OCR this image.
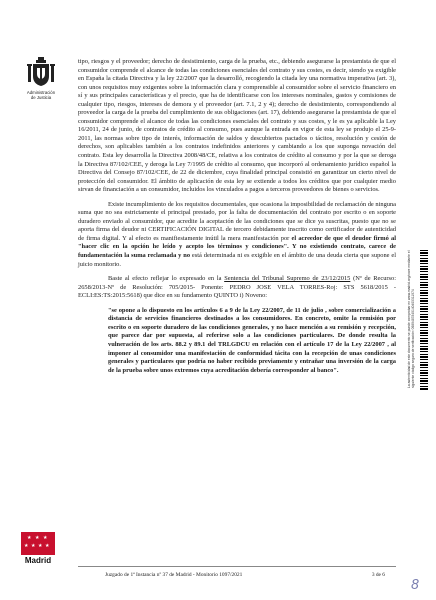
Administración
de Justicia

tipo, riesgos y el proveedor; derecho de desistimiento, carga de la prueba, etc., debiendo asegurarse la prestamista de que el consumidor comprende el alcance de todas las condiciones esenciales del contrato y sus costes, es decir, siendo ya exigible en España la citada Directiva y la ley 22/2007 que la desarrolló, recogiendo la citada ley una normativa imperativa (art. 3), con unos requisitos muy exigentes sobre la información clara y comprensible al consumidor sobre el servicio financiero en sí y sus principales características y el precio, que ha de identificarse con los intereses nominales, gastos y comisiones de cualquier tipo, riesgos, intereses de demora y el proveedor (art. 7.1, 2 y 4); derecho de desistimiento, correspondiendo al proveedor la carga de la prueba del cumplimiento de sus obligaciones (art. 17), debiendo asegurarse la prestamista de que el consumidor comprende el alcance de todas las condiciones esenciales del contrato y sus costes, y le es ya aplicable la Ley 16/2011, 24 de junio, de contratos de crédito al consumo, pues aunque la entrada en vigor de esta ley se produjo el 25-9-2011, las normas sobre tipo de interés, información de saldos y descubiertos pactados o tácitos, resolución y cesión de derechos, son aplicables también a los contratos indefinidos anteriores y cambiando a los que suponga novación del contrato. Esta ley desarrolla la Directiva 2008/48/CE, relativa a los contratos de crédito al consumo y por la que se deroga la Directiva 87/102/CEE, y deroga la Ley 7/1995 de crédito al consumo, que incorporó al ordenamiento jurídico español la Directiva del Consejo 87/102/CEE, de 22 de diciembre, cuya finalidad principal consistió en garantizar un cierto nivel de protección del consumidor. El ámbito de aplicación de esta ley se extiende a todos los créditos que por cualquier medio sirvan de financiación a un consumidor, incluidos los vinculados a pagos a terceros proveedores de bienes o servicios.

Existe incumplimiento de los requisitos documentales, que ocasiona la imposibilidad de reclamación de ninguna suma que no sea estrictamente el principal prestado, por la falta de documentación del contrato por escrito o en soporte duradero enviado al consumidor, que acredite la aceptación de las condiciones que se dice ya suscritas, puesto que no se aporta firma del deudor ni CERTIFICACIÓN DIGITAL de tercero debidamente inscrito como certificador de autenticidad de firma digital. Y al efecto es manifiestamente inútil la mera manifestación por el acreedor de que el deudor firmó al "hacer clic en la opción he leído y acepto los términos y condiciones". Y no existiendo contrato, carece de fundamentación la suma reclamada y no está determinada ni es exigible en el ámbito de una deuda cierta que supone el juicio monitorio.

Baste al efecto reflejar lo expresado en la Sentencia del Tribunal Supremo de 23/12/2015 (Nº de Recurso: 2658/2013-Nº de Resolución: 705/2015- Ponente: PEDRO JOSE VELA TORRES-Roj: STS 5618/2015 - ECLI:ES:TS:2015:5618) que dice en su fundamento QUINTO i) Noveno:

"se opone a lo dispuesto en los artículos 6 a 9 de la Ley 22/2007, de 11 de julio , sobre comercialización a distancia de servicios financieros destinados a los consumidores. En concreto, omite la remisión por escrito o en soporte duradero de las condiciones generales, y no hace mención a su remisión y recepción, que parece dar por supuesta, al referirse solo a las condiciones particulares. De donde resulta la vulneración de los arts. 88.2 y 89.1 del TRLGDCU en relación con el artículo 17 de la Ley 22/2007 , al imponer al consumidor una manifestación de conformidad tácita con la recepción de unas condiciones generales y particulares que podría no haber recibido previamente y entrañar una inversión de la carga de la prueba sobre unos extremos cuya acreditación debería corresponder al banco".	La autenticidad de este documento se puede comprobar en www.madrid.org/cove mediante el siguiente código seguro de verificación: 0989487840140403311974
★ ★ ★
★ ★ ★ ★
Madrid
Juzgado de 1ª Instancia nº 37 de Madrid - Monitorio 1097/2021	3 de 6
8
